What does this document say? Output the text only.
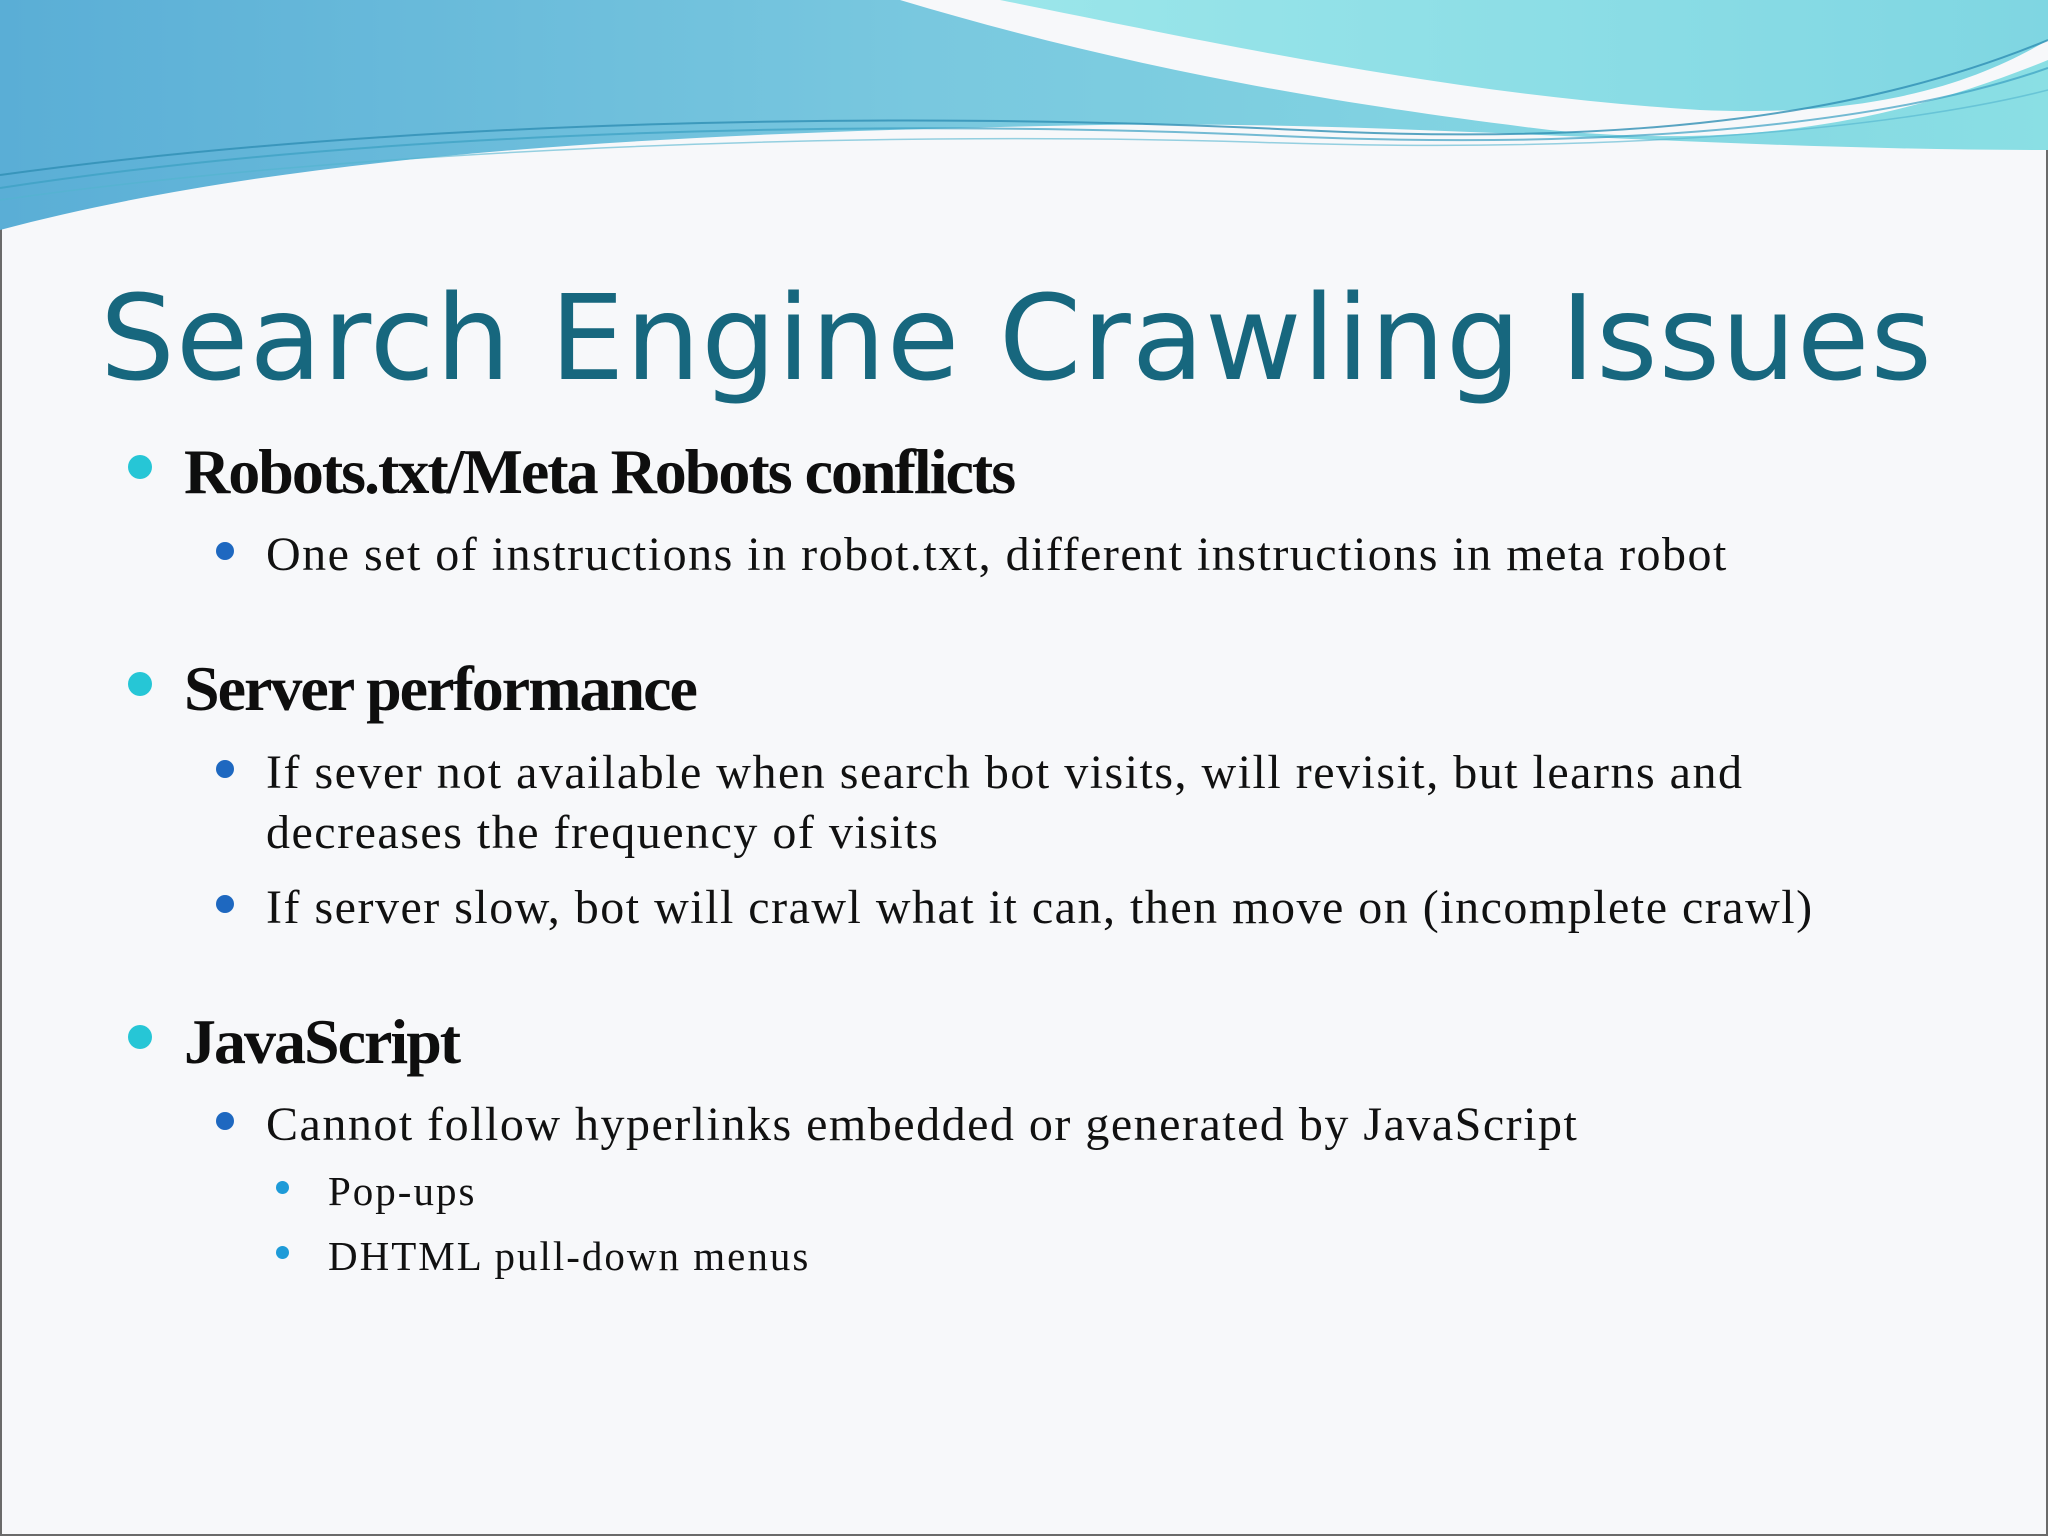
Search Engine Crawling Issues
Robots.txt/Meta Robots conflicts
One set of instructions in robot.txt, different instructions in meta robot
Server performance
If sever not available when search bot visits, will revisit, but learns and decreases the frequency of visits
If server slow, bot will crawl what it can, then move on (incomplete crawl)
JavaScript
Cannot follow hyperlinks embedded or generated by JavaScript
Pop-ups
DHTML pull-down menus
